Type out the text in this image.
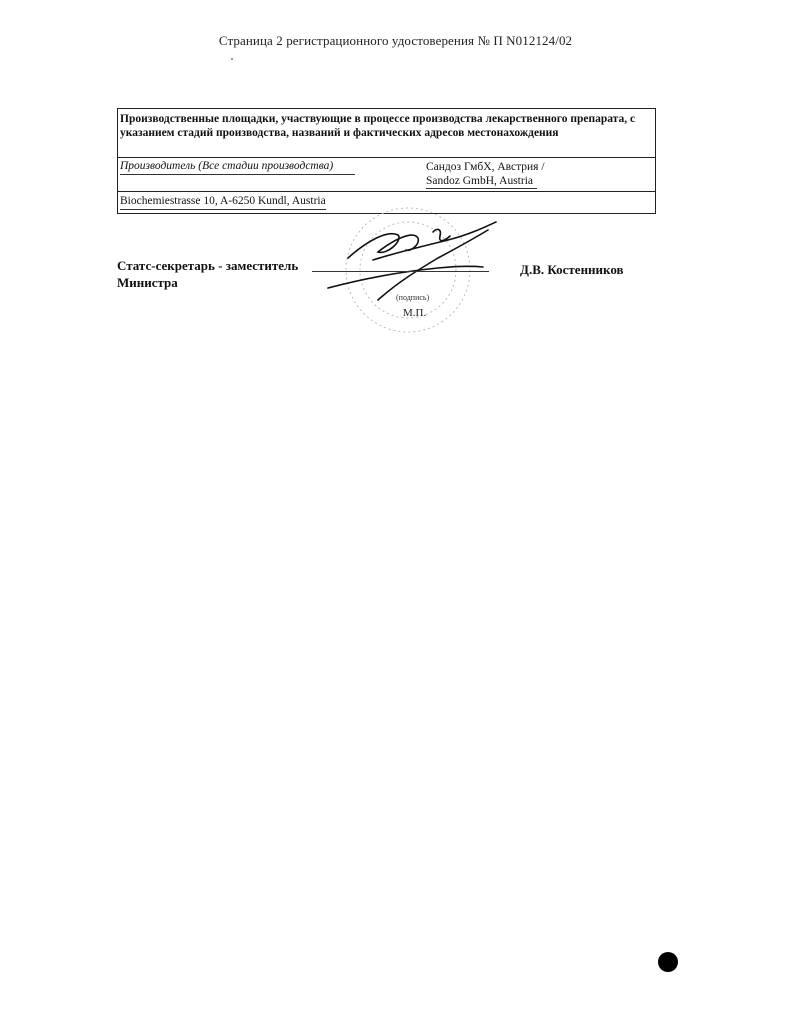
Страница 2 регистрационного удостоверения № П N012124/02
Производственные площадки, участвующие в процессе производства лекарственного препарата, с указанием стадий производства, названий и фактических адресов местонахождения
Производитель (Все стадии производства)	Сандоз ГмбХ, Австрия /
Sandoz GmbH, Austria
Biochemiestrasse 10, A-6250 Kundl, Austria
Статс-секретарь - заместитель
Министра
(подпись)
М.П.
Д.В. Костенников
